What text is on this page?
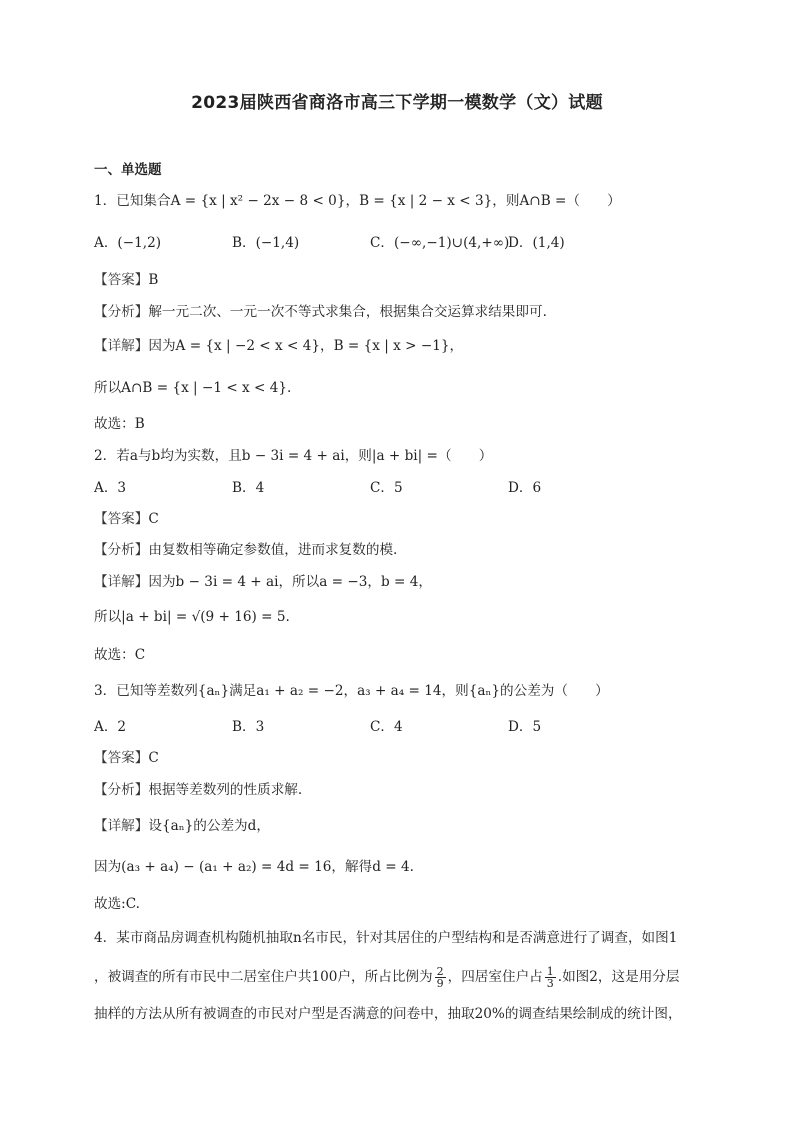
2023届陕西省商洛市高三下学期一模数学（文）试题
一、单选题
1．已知集合A = {x | x² − 2x − 8 < 0}，B = {x | 2 − x < 3}，则A∩B =（　　）
A．(−1,2)	B．(−1,4)	C．(−∞,−1)∪(4,+∞)
D．(1,4)
【答案】B
【分析】解一元二次、一元一次不等式求集合，根据集合交运算求结果即可.
【详解】因为A = {x | −2 < x < 4}，B = {x | x > −1}，
所以A∩B = {x | −1 < x < 4}.
故选：B
2．若a与b均为实数，且b − 3i = 4 + ai，则|a + bi| =（　　）
A．3	B．4	C．5	D．6
【答案】C
【分析】由复数相等确定参数值，进而求复数的模.
【详解】因为b − 3i = 4 + ai，所以a = −3，b = 4，
所以|a + bi| = √(9 + 16) = 5.
故选：C
3．已知等差数列{aₙ}满足a₁ + a₂ = −2，a₃ + a₄ = 14，则{aₙ}的公差为（　　）
A．2	B．3	C．4	D．5
【答案】C
【分析】根据等差数列的性质求解.
【详解】设{aₙ}的公差为d，
因为(a₃ + a₄) − (a₁ + a₂) = 4d = 16，解得d = 4.
故选:C.
4．某市商品房调查机构随机抽取n名市民，针对其居住的户型结构和是否满意进行了调查，如图1
，被调查的所有市民中二居室住户共100户，所占比例为 $\frac{2}{9}$ ，四居室住户占 $\frac{1}{3}$ .如图2，这是用分层
抽样的方法从所有被调查的市民对户型是否满意的问卷中，抽取20%的调查结果绘制成的统计图，
